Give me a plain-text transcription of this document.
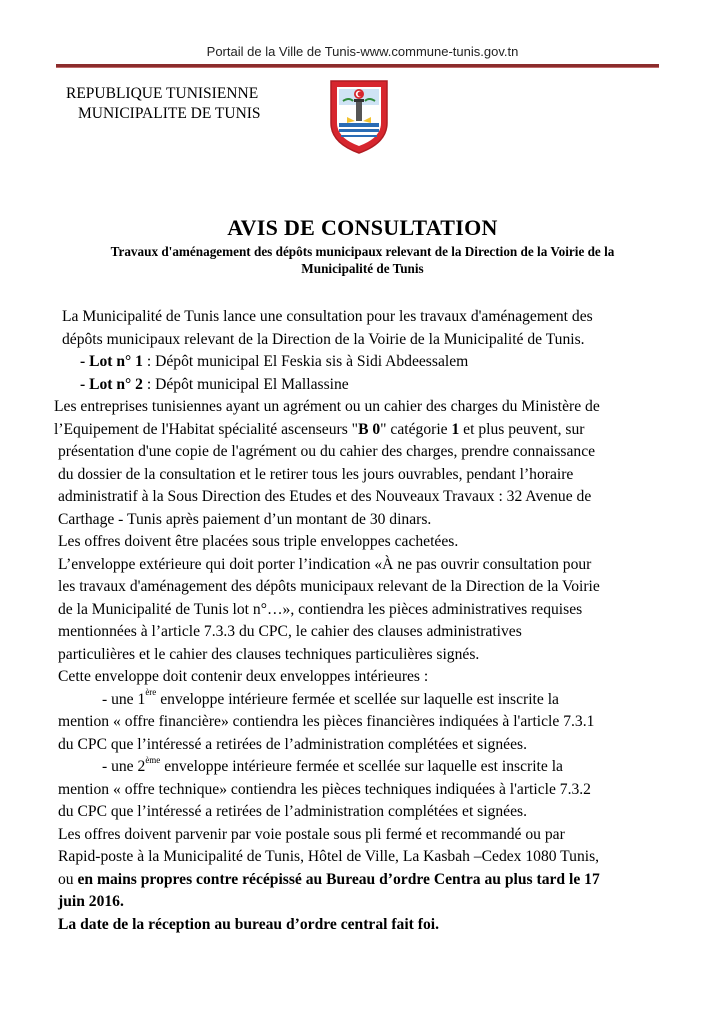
Portail de la Ville de Tunis-www.commune-tunis.gov.tn
REPUBLIQUE TUNISIENNE
MUNICIPALITE DE TUNIS
AVIS DE CONSULTATION
Travaux d'aménagement des dépôts municipaux relevant de la Direction de la Voirie de la
Municipalité de Tunis

La Municipalité de Tunis lance une consultation pour les travaux d'aménagement des

dépôts municipaux relevant de la Direction de la Voirie de la Municipalité de Tunis.

- Lot n° 1 : Dépôt municipal El Feskia sis à Sidi Abdeessalem

- Lot n° 2 : Dépôt municipal El Mallassine

Les entreprises tunisiennes ayant un agrément ou un cahier des charges du Ministère de

l’Equipement de l'Habitat spécialité ascenseurs "B 0" catégorie 1 et plus peuvent, sur

présentation d'une copie de l'agrément ou du cahier des charges, prendre connaissance

du dossier de la consultation et le retirer tous les jours ouvrables, pendant l’horaire

administratif à la Sous Direction des Etudes et des Nouveaux Travaux : 32 Avenue de

Carthage - Tunis après paiement d’un montant de 30 dinars.

Les offres doivent être placées sous triple enveloppes cachetées.

L’enveloppe extérieure qui doit porter l’indication «À ne pas ouvrir consultation pour

les travaux d'aménagement des dépôts municipaux relevant de la Direction de la Voirie

de la Municipalité de Tunis lot n°…», contiendra les pièces administratives requises

mentionnées à l’article 7.3.3 du CPC, le cahier des clauses administratives

particulières et le cahier des clauses techniques particulières signés.

Cette enveloppe doit contenir deux enveloppes intérieures :

- une 1ère enveloppe intérieure fermée et scellée sur laquelle est inscrite la

mention « offre financière» contiendra les pièces financières indiquées à l'article 7.3.1

du CPC que l’intéressé a retirées de l’administration complétées et signées.

- une 2ème enveloppe intérieure fermée et scellée sur laquelle est inscrite la

mention « offre technique» contiendra les pièces techniques indiquées à l'article 7.3.2

du CPC que l’intéressé a retirées de l’administration complétées et signées.

Les offres doivent parvenir par voie postale sous pli fermé et recommandé ou par

Rapid-poste à la Municipalité de Tunis, Hôtel de Ville, La Kasbah –Cedex 1080 Tunis,

ou en mains propres contre récépissé au Bureau d’ordre Centra au plus tard le 17

juin 2016.

La date de la réception au bureau d’ordre central fait foi.
